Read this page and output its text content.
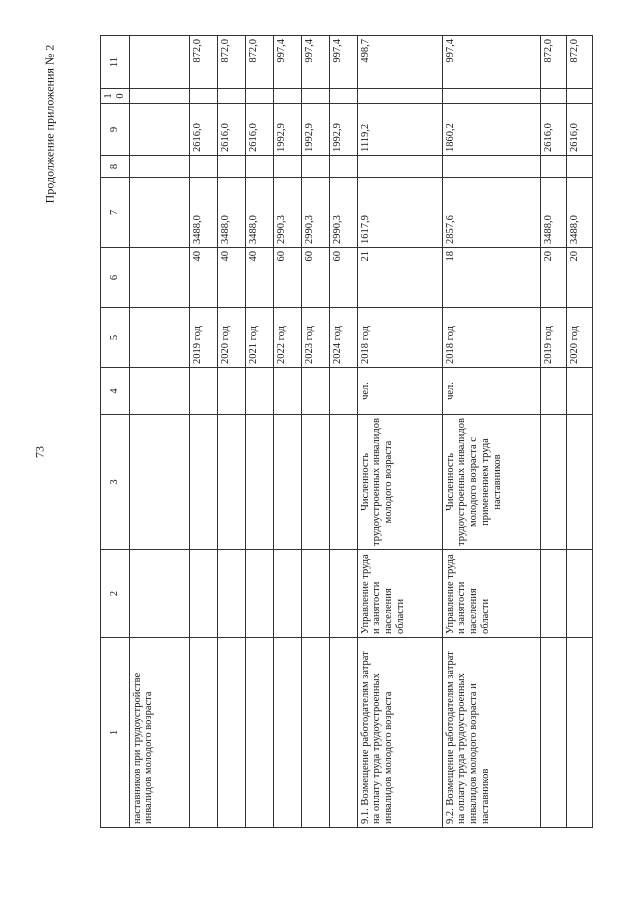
73
Продолжение приложения № 2
1	2	3	4	5	6	7	8	9	10	11
наставников при трудоустройстве инвалидов молодого возраста										
				2019 год	40	3488,0		2616,0		872,0
				2020 год	40	3488,0		2616,0		872,0
				2021 год	40	3488,0		2616,0		872,0
				2022 год	60	2990,3		1992,9		997,4
				2023 год	60	2990,3		1992,9		997,4
				2024 год	60	2990,3		1992,9		997,4
9.1. Возмещение работодателям затрат на оплату труда трудоустроенных инвалидов молодого возраста	Управление труда и занятости населения области	Численность трудоустроенных инвалидов молодого возраста	чел.	2018 год	21	1617,9		1119,2		498,7
9.2. Возмещение работодателям затрат на оплату труда трудоустроенных инвалидов молодого возраста и наставников	Управление труда и занятости населения области	Численность трудоустроенных инвалидов молодого возраста с применением труда наставников	чел.	2018 год	18	2857,6		1860,2		997,4
				2019 год	20	3488,0		2616,0		872,0
				2020 год	20	3488,0		2616,0		872,0
